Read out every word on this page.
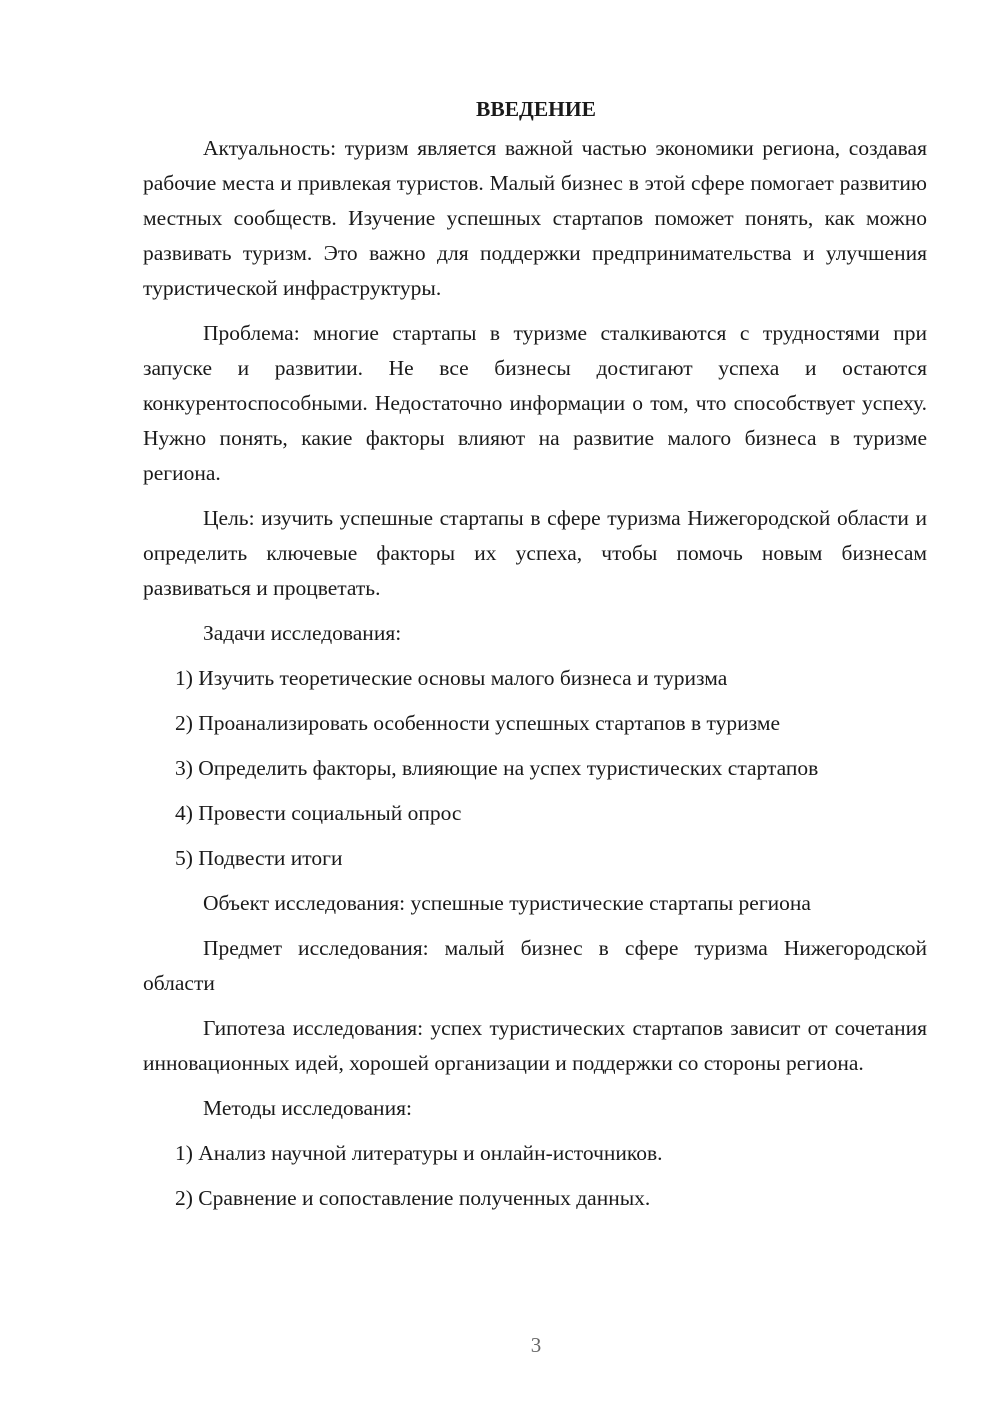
ВВЕДЕНИЕ

Актуальность: туризм является важной частью экономики региона, создавая рабочие места и привлекая туристов. Малый бизнес в этой сфере помогает развитию местных сообществ. Изучение успешных стартапов поможет понять, как можно развивать туризм. Это важно для поддержки предпринимательства и улучшения туристической инфраструктуры.

Проблема: многие стартапы в туризме сталкиваются с трудностями при запуске и развитии. Не все бизнесы достигают успеха и остаются конкурентоспособными. Недостаточно информации о том, что способствует успеху. Нужно понять, какие факторы влияют на развитие малого бизнеса в туризме региона.

Цель: изучить успешные стартапы в сфере туризма Нижегородской области и определить ключевые факторы их успеха, чтобы помочь новым бизнесам развиваться и процветать.

Задачи исследования:

1) Изучить теоретические основы малого бизнеса и туризма
2) Проанализировать особенности успешных стартапов в туризме
3) Определить факторы, влияющие на успех туристических стартапов
4) Провести социальный опрос
5) Подвести итоги

Объект исследования: успешные туристические стартапы региона

Предмет исследования: малый бизнес в сфере туризма Нижегородской области

Гипотеза исследования: успех туристических стартапов зависит от сочетания инновационных идей, хорошей организации и поддержки со стороны региона.

Методы исследования:

1) Анализ научной литературы и онлайн-источников.
2) Сравнение и сопоставление полученных данных.
3
